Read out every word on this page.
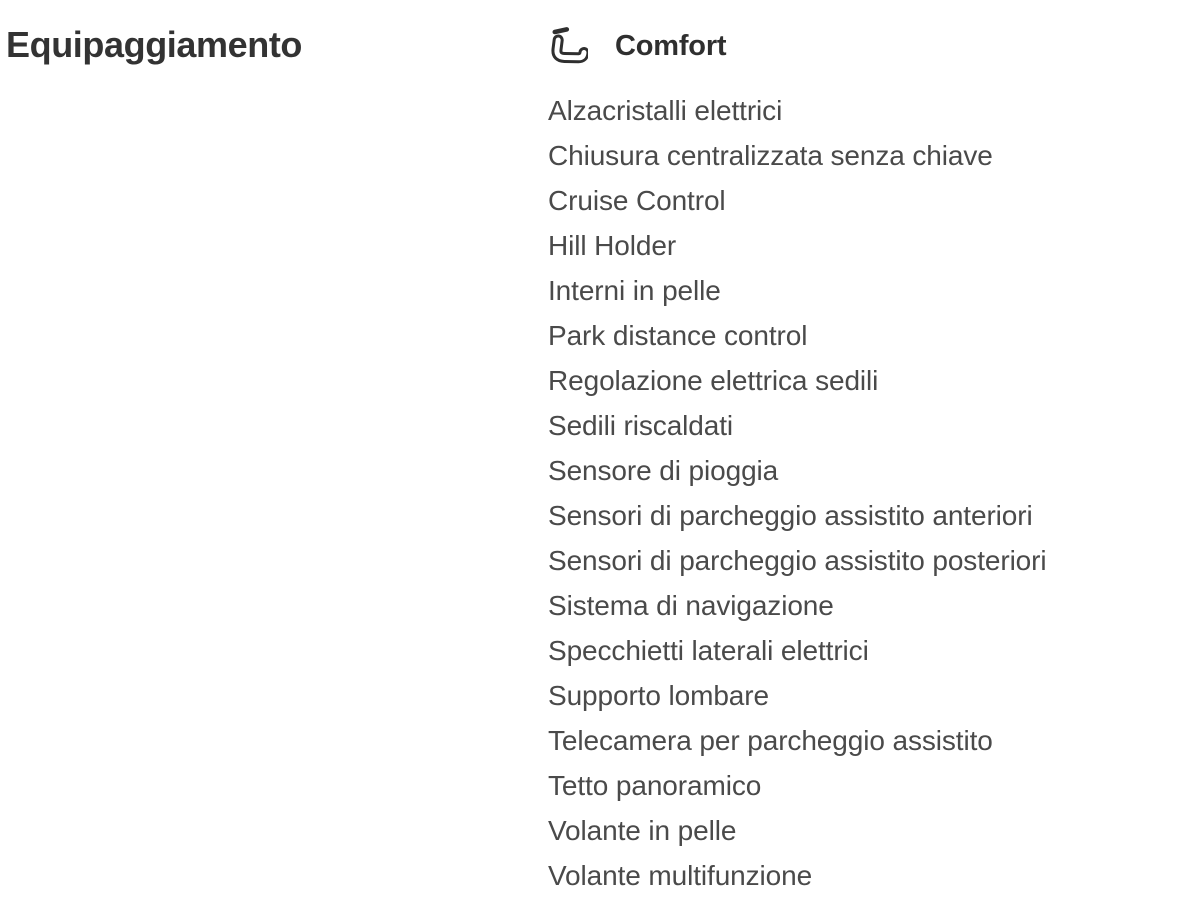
Equipaggiamento	Comfort
Alzacristalli elettrici
Chiusura centralizzata senza chiave
Cruise Control
Hill Holder
Interni in pelle
Park distance control
Regolazione elettrica sedili
Sedili riscaldati
Sensore di pioggia
Sensori di parcheggio assistito anteriori
Sensori di parcheggio assistito posteriori
Sistema di navigazione
Specchietti laterali elettrici
Supporto lombare
Telecamera per parcheggio assistito
Tetto panoramico
Volante in pelle
Volante multifunzione
